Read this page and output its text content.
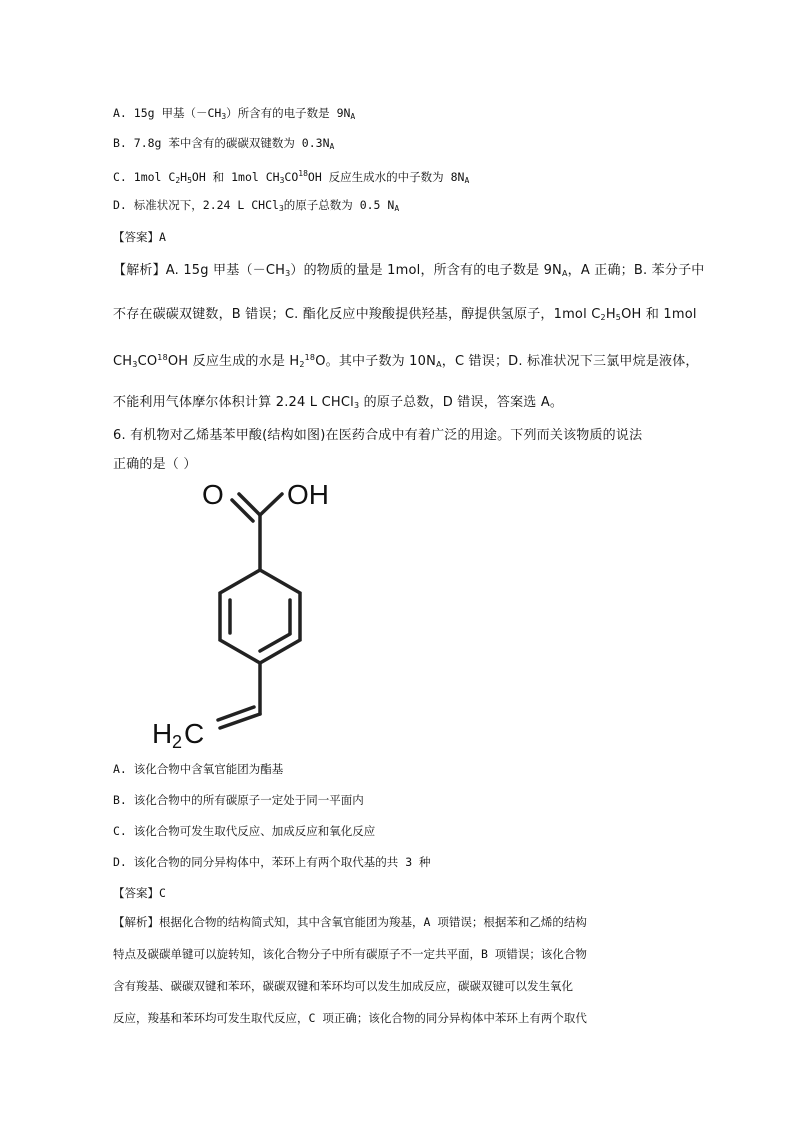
A. 15g 甲基$(-CH_3)$所含有的电子数是 $9N_A$
B. 7.8g 苯中含有的碳碳双键数为 $0.3N_A$
C. 1mol $C_2H_5OH$ 和 1mol $CH_3CO^{18}OH$ 反应生成水的中子数为 $8N_A$
D. 标准状况下，2.24 L CHCl$_3$的原子总数为 0.5 $N_A$
【答案】A
【解析】A. 15g 甲基$(-CH_3)$的物质的量是 1mol，所含有的电子数是 $9N_A$，A 正确；B. 苯分子中
不存在碳碳双键数，B 错误；C. 酯化反应中羧酸提供羟基，醇提供氢原子，1mol $C_2H_5OH$ 和 1mol
$CH_3CO^{18}OH$ 反应生成的水是 $H_2^{18}O$。其中子数为 $10N_A$，C 错误；D. 标准状况下三氯甲烷是液体，
不能利用气体摩尔体积计算 2.24 L CHCl$_3$ 的原子总数，D 错误，答案选 A。
6. 有机物对乙烯基苯甲酸(结构如图)在医药合成中有着广泛的用途。下列而关该物质的说法
正确的是（ ）
O OH
H 2 C
A. 该化合物中含氧官能团为酯基
B. 该化合物中的所有碳原子一定处于同一平面内
C. 该化合物可发生取代反应、加成反应和氧化反应
D. 该化合物的同分异构体中，苯环上有两个取代基的共 3 种
【答案】C
【解析】根据化合物的结构简式知，其中含氧官能团为羧基，A 项错误；根据苯和乙烯的结构
特点及碳碳单键可以旋转知，该化合物分子中所有碳原子不一定共平面，B 项错误；该化合物
含有羧基、碳碳双键和苯环，碳碳双键和苯环均可以发生加成反应，碳碳双键可以发生氧化
反应，羧基和苯环均可发生取代反应，C 项正确；该化合物的同分异构体中苯环上有两个取代
